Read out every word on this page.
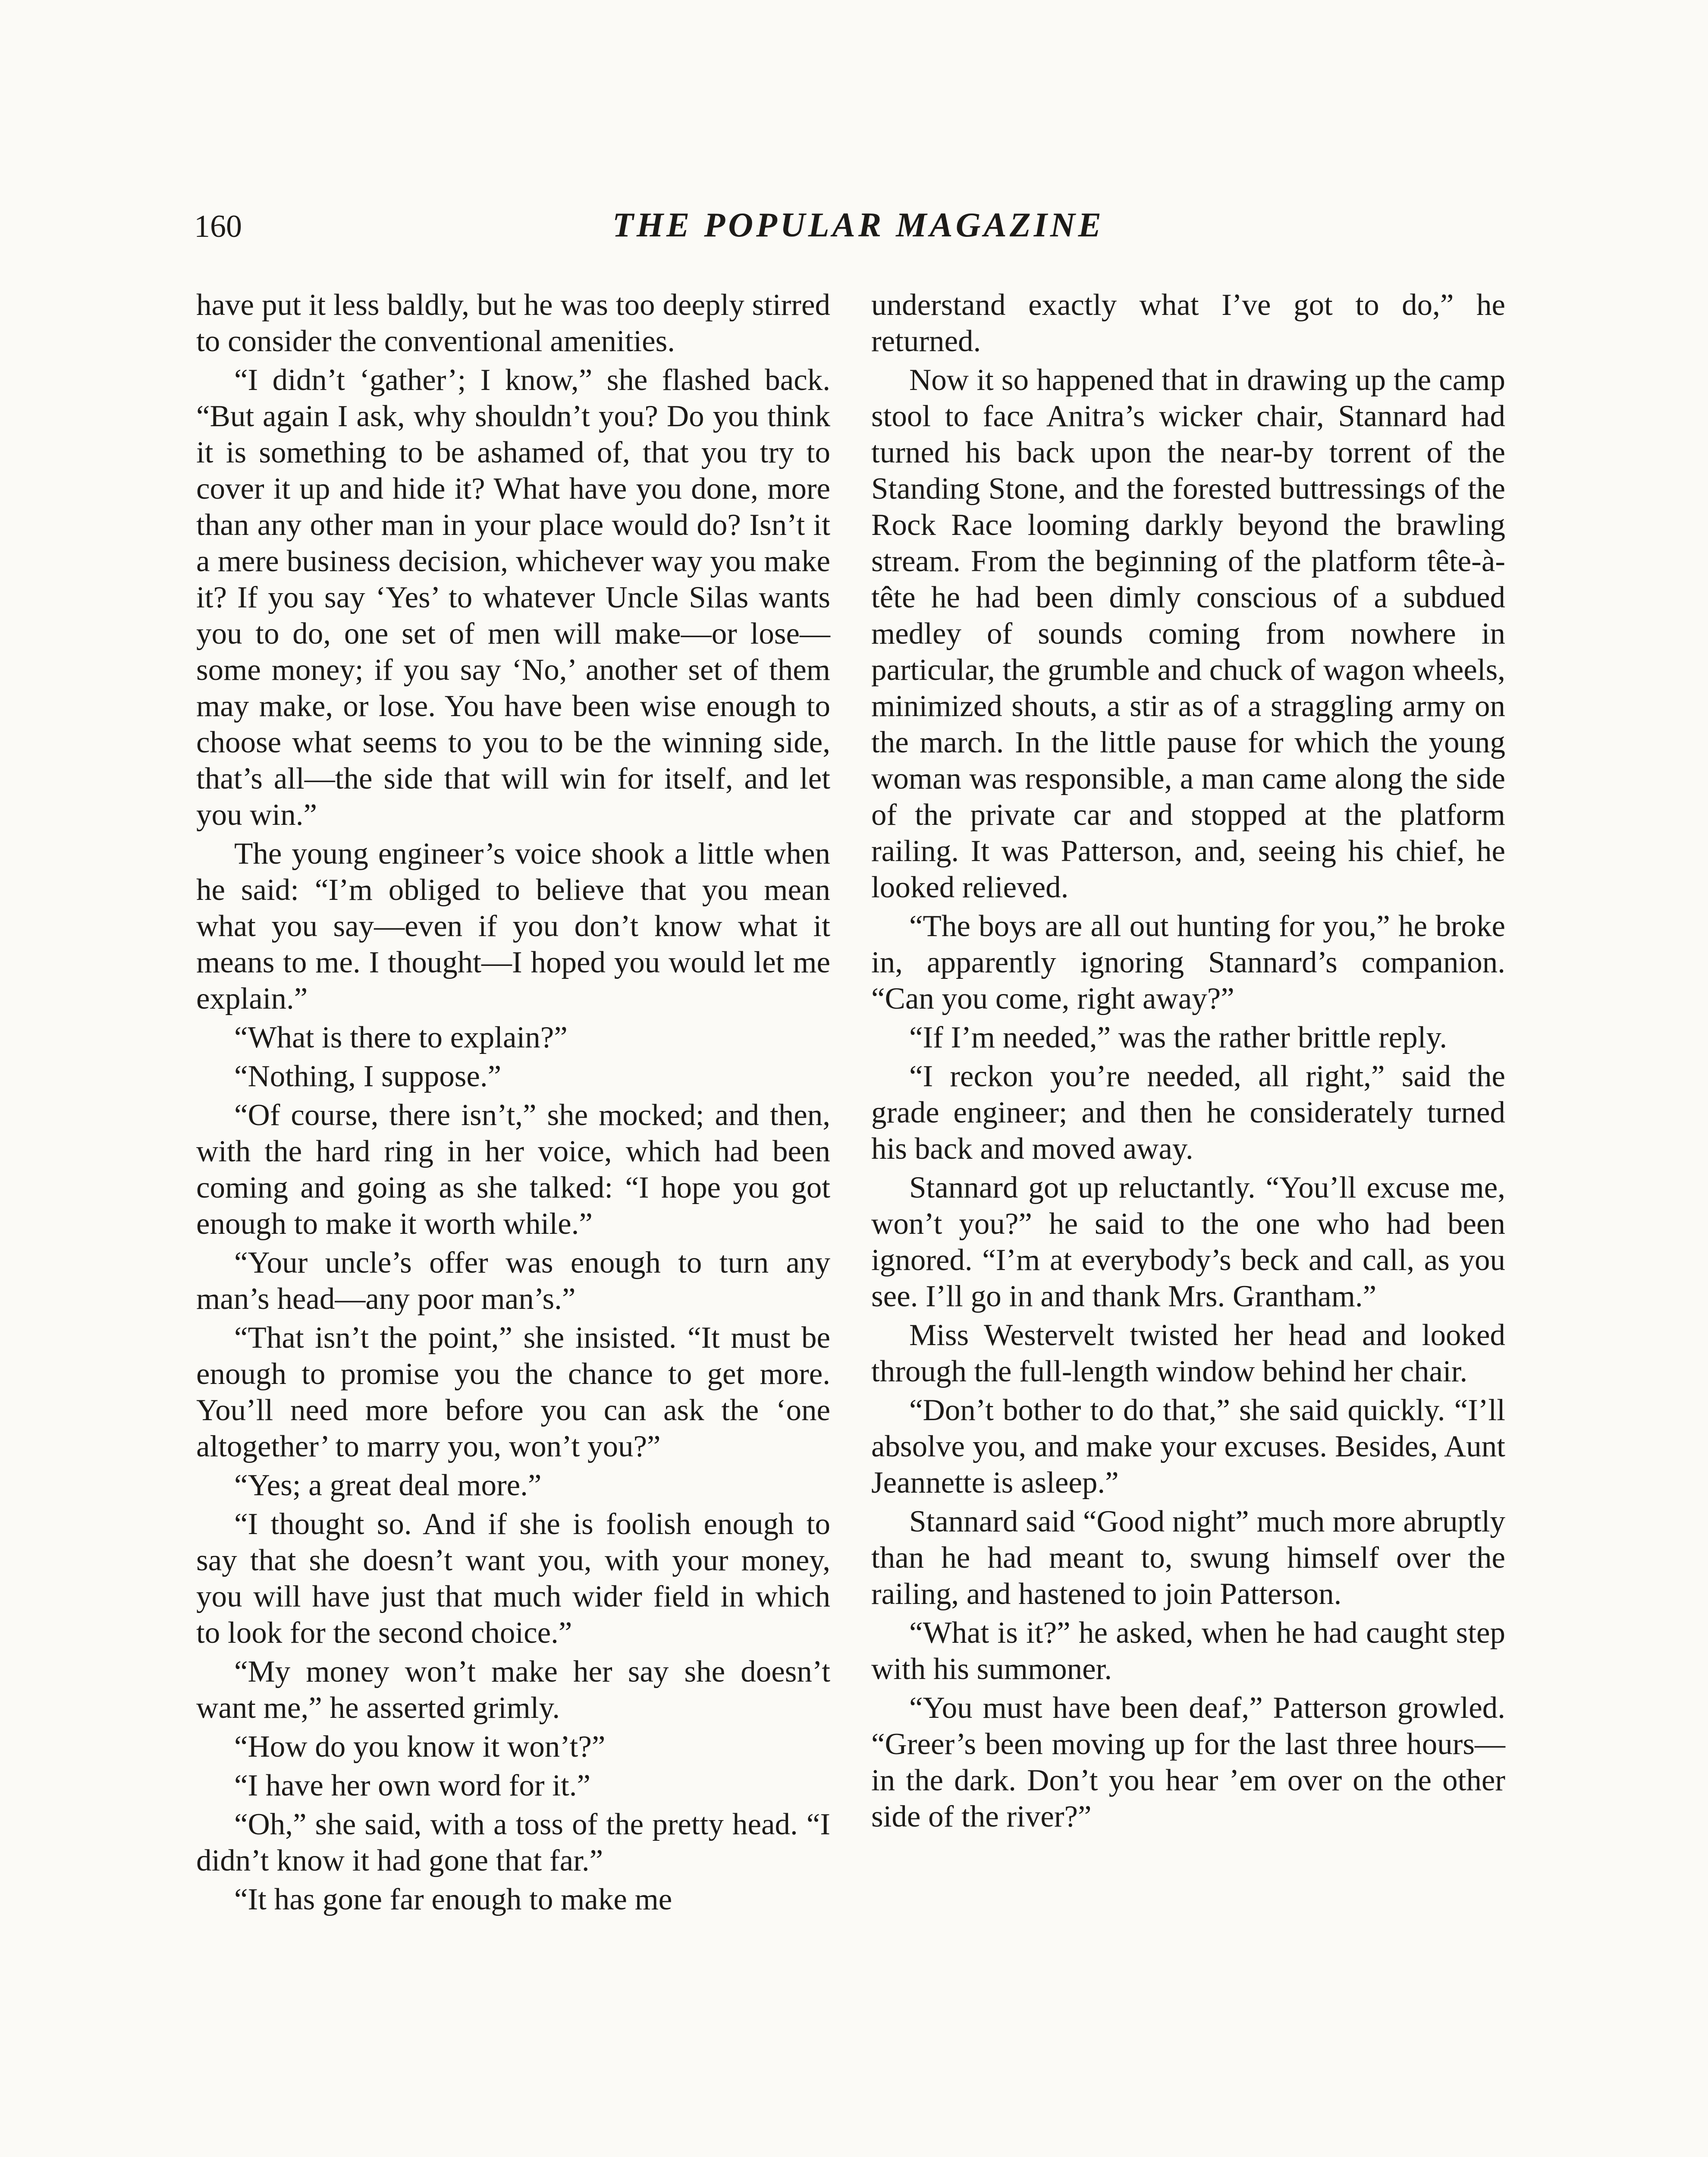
160	THE POPULAR MAGAZINE

have put it less baldly, but he was too deeply stirred to consider the conventional amenities.

“I didn’t ‘gather’; I know,” she flashed back. “But again I ask, why shouldn’t you? Do you think it is something to be ashamed of, that you try to cover it up and hide it? What have you done, more than any other man in your place would do? Isn’t it a mere business decision, whichever way you make it? If you say ‘Yes’ to whatever Uncle Silas wants you to do, one set of men will make—or lose—some money; if you say ‘No,’ another set of them may make, or lose. You have been wise enough to choose what seems to you to be the winning side, that’s all—the side that will win for itself, and let you win.”

The young engineer’s voice shook a little when he said: “I’m obliged to believe that you mean what you say—even if you don’t know what it means to me. I thought—I hoped you would let me explain.”

“What is there to explain?”

“Nothing, I suppose.”

“Of course, there isn’t,” she mocked; and then, with the hard ring in her voice, which had been coming and going as she talked: “I hope you got enough to make it worth while.”

“Your uncle’s offer was enough to turn any man’s head—any poor man’s.”

“That isn’t the point,” she insisted. “It must be enough to promise you the chance to get more. You’ll need more before you can ask the ‘one altogether’ to marry you, won’t you?”

“Yes; a great deal more.”

“I thought so. And if she is foolish enough to say that she doesn’t want you, with your money, you will have just that much wider field in which to look for the second choice.”

“My money won’t make her say she doesn’t want me,” he asserted grimly.

“How do you know it won’t?”

“I have her own word for it.”

“Oh,” she said, with a toss of the pretty head. “I didn’t know it had gone that far.”

“It has gone far enough to make me

understand exactly what I’ve got to do,” he returned.

Now it so happened that in drawing up the camp stool to face Anitra’s wicker chair, Stannard had turned his back upon the near-by torrent of the Standing Stone, and the forested buttressings of the Rock Race looming darkly beyond the brawling stream. From the beginning of the platform tête-à-tête he had been dimly conscious of a subdued medley of sounds coming from nowhere in particular, the grumble and chuck of wagon wheels, minimized shouts, a stir as of a straggling army on the march. In the little pause for which the young woman was responsible, a man came along the side of the private car and stopped at the platform railing. It was Patterson, and, seeing his chief, he looked relieved.

“The boys are all out hunting for you,” he broke in, apparently ignoring Stannard’s companion. “Can you come, right away?”

“If I’m needed,” was the rather brittle reply.

“I reckon you’re needed, all right,” said the grade engineer; and then he considerately turned his back and moved away.

Stannard got up reluctantly. “You’ll excuse me, won’t you?” he said to the one who had been ignored. “I’m at everybody’s beck and call, as you see. I’ll go in and thank Mrs. Grantham.”

Miss Westervelt twisted her head and looked through the full-length window behind her chair.

“Don’t bother to do that,” she said quickly. “I’ll absolve you, and make your excuses. Besides, Aunt Jeannette is asleep.”

Stannard said “Good night” much more abruptly than he had meant to, swung himself over the railing, and hastened to join Patterson.

“What is it?” he asked, when he had caught step with his summoner.

“You must have been deaf,” Patterson growled. “Greer’s been moving up for the last three hours—in the dark. Don’t you hear ’em over on the other side of the river?”
